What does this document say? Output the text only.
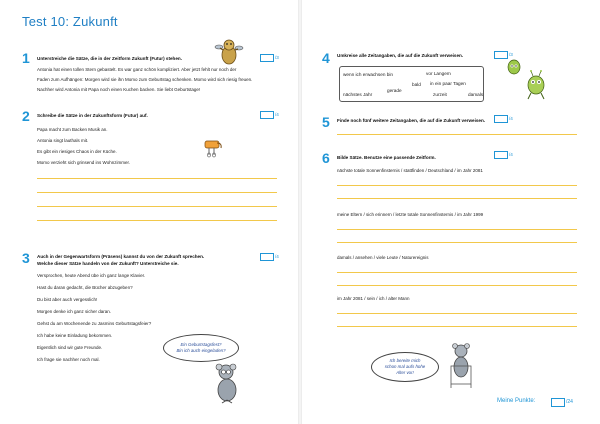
Test 10: Zukunft
1 Unterstreiche die Sätze, die in der Zeitform Zukunft (Futur) stehen.	/3
Antonia hat einen tollen Stern gebastelt. Es war ganz schön kompliziert. Aber jetzt fehlt nur noch der
Faden zum Aufhängen: Morgen wird sie ihn Momo zum Geburtstag schenken. Momo wird sich riesig freuen.
Nachher wird Antonia mit Papa noch einen Kuchen backen. Sie liebt Geburtstage!
2 Schreibe die Sätze in der Zukunftsform (Futur) auf.	/4
Papa macht zum Backen Musik an.
Antonia singt lauthals mit.
Es gibt ein riesiges Chaos in der Küche.
Momo verzieht sich grinsend ins Wohnzimmer.
3 Auch in der Gegenwartsform (Präsens) kannst du von der Zukunft sprechen.
Welche dieser Sätze handeln von der Zukunft? Unterstreiche sie.
/4
Versprochen, heute Abend übe ich ganz lange Klavier.
Hast du daran gedacht, die Bücher abzugeben?
Du bist aber auch vergesslich!
Morgen denke ich ganz sicher daran.
Gehst du am Wochenende zu Jasmins Geburtstagsfeier?
Ich habe keine Einladung bekommen.
Eigentlich sind wir gute Freunde.
Ich frage sie nachher noch mal.
Ein Geburtstagsfest?
Bin ich auch eingeladen?
4 Umkreise alle Zeitangaben, die auf die Zukunft verweisen.	/3
wenn ich erwachsen bin	vor Langem
in ein paar Tagen
bald
gerade
nächstes Jahr	zurzeit	damals
5 Finde noch fünf weitere Zeitangaben, die auf die Zukunft verweisen.	/4
6 Bilde Sätze. Benutze eine passende Zeitform.
/4
nächste totale Sonnenfinsternis / stattfinden / Deutschland / im Jahr 2081
meine Eltern / sich erinnern / letzte totale Sonnenfinsternis / im Jahr 1999
damals / ansehen / viele Leute / Naturereignis
im Jahr 2081 / sein / ich / alter Mann
Ich bereite mich
schon mal aufs hohe
Alter vor!
Meine Punkte:	/24
